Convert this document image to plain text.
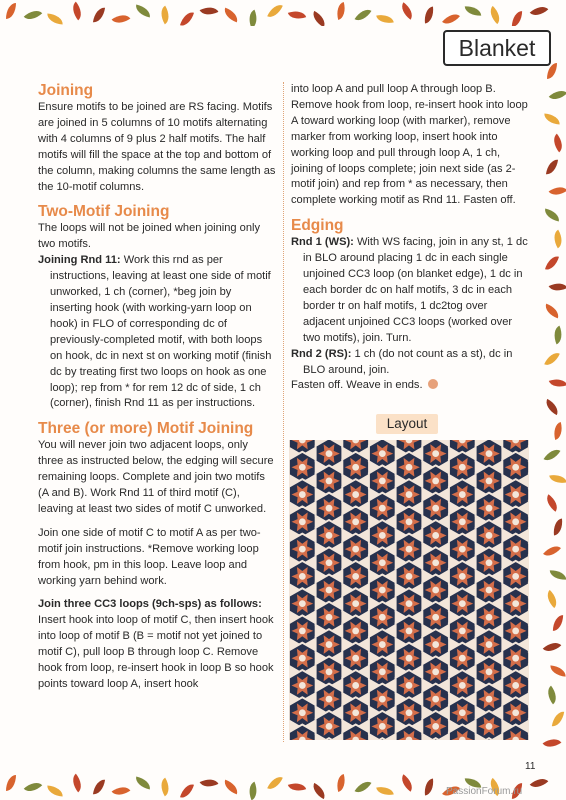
Blanket
Joining

Ensure motifs to be joined are RS facing. Motifs are joined in 5 columns of 10 motifs alternating with 4 columns of 9 plus 2 half motifs. The half motifs will fill the space at the top and bottom of the column, making columns the same length as the 10-motif columns.

Two-Motif Joining

The loops will not be joined when joining only two motifs.

Joining Rnd 11: Work this rnd as per instructions, leaving at least one side of motif unworked, 1 ch (corner), *beg join by inserting hook (with working-yarn loop on hook) in FLO of corresponding dc of previously-completed motif, with both loops on hook, dc in next st on working motif (finish dc by treating first two loops on hook as one loop); rep from * for rem 12 dc of side, 1 ch (corner), finish Rnd 11 as per instructions.

Three (or more) Motif Joining

You will never join two adjacent loops, only three as instructed below, the edging will secure remaining loops. Complete and join two motifs (A and B). Work Rnd 11 of third motif (C), leaving at least two sides of motif C unworked.

Join one side of motif C to motif A as per two-motif join instructions. *Remove working loop from hook, pm in this loop. Leave loop and working yarn behind work.

Join three CC3 loops (9ch-sps) as follows:

Insert hook into loop of motif C, then insert hook into loop of motif B (B = motif not yet joined to motif C), pull loop B through loop C. Remove hook from loop, re-insert hook in loop B so hook points toward loop A, insert hook

into loop A and pull loop A through loop B. Remove hook from loop, re-insert hook into loop A toward working loop (with marker), remove marker from working loop, insert hook into working loop and pull through loop A, 1 ch, joining of loops complete; join next side (as 2-motif join) and rep from * as necessary, then complete working motif as Rnd 11. Fasten off.

Edging

Rnd 1 (WS): With WS facing, join in any st, 1 dc in BLO around placing 1 dc in each single unjoined CC3 loop (on blanket edge), 1 dc in each border dc on half motifs, 3 dc in each border tr on half motifs, 1 dc2tog over adjacent unjoined CC3 loops (worked over two motifs), join. Turn.

Rnd 2 (RS): 1 ch (do not count as a st), dc in BLO around, join.

Fasten off. Weave in ends.

Layout
11
PassionForum.ru
